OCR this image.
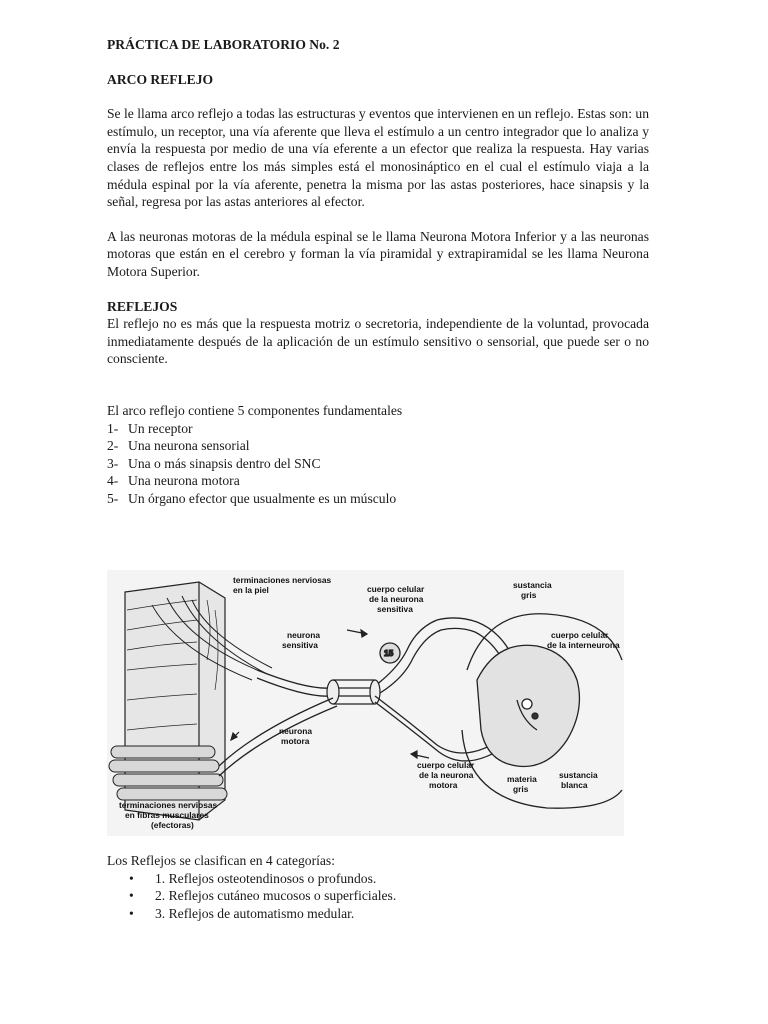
PRÁCTICA DE LABORATORIO No. 2
ARCO REFLEJO

Se le llama arco reflejo a todas las estructuras y eventos que intervienen en un reflejo. Estas son: un estímulo, un receptor, una vía aferente que lleva el estímulo a un centro integrador que lo analiza y envía la respuesta por medio de una vía eferente a un efector que realiza la respuesta. Hay varias clases de reflejos entre los más simples está el monosináptico en el cual el estímulo viaja a la médula espinal por la vía aferente, penetra la misma por las astas posteriores, hace sinapsis y la señal, regresa por las astas anteriores al efector.

A las neuronas motoras de la médula espinal se le llama Neurona Motora Inferior y a las neuronas motoras que están en el cerebro y forman la vía piramidal y extrapiramidal se les llama Neurona Motora Superior.

REFLEJOS

El reflejo no es más que la respuesta motriz o secretoria, independiente de la voluntad, provocada inmediatamente después de la aplicación de un estímulo sensitivo o sensorial, que puede ser o no consciente.

El arco reflejo contiene 5 componentes fundamentales
1- Un receptor
2- Una neurona sensorial
3- Una o más sinapsis dentro del SNC
4- Una neurona motora
5- Un órgano efector que usualmente es un músculo
15
terminaciones nerviosas
en la piel
neurona
sensitiva
neurona
motora
terminaciones nerviosas
en fibras musculares
(efectoras)
cuerpo celular
de la neurona
sensitiva
sustancia
gris
cuerpo celular
de la interneurona
cuerpo celular
de la neurona
motora
materia
gris
sustancia
blanca
Los Reflejos se clasifican en 4 categorías:
•	1. Reflejos osteotendinosos o profundos.
•	2. Reflejos cutáneo mucosos o superficiales.
•	3. Reflejos de automatismo medular.
